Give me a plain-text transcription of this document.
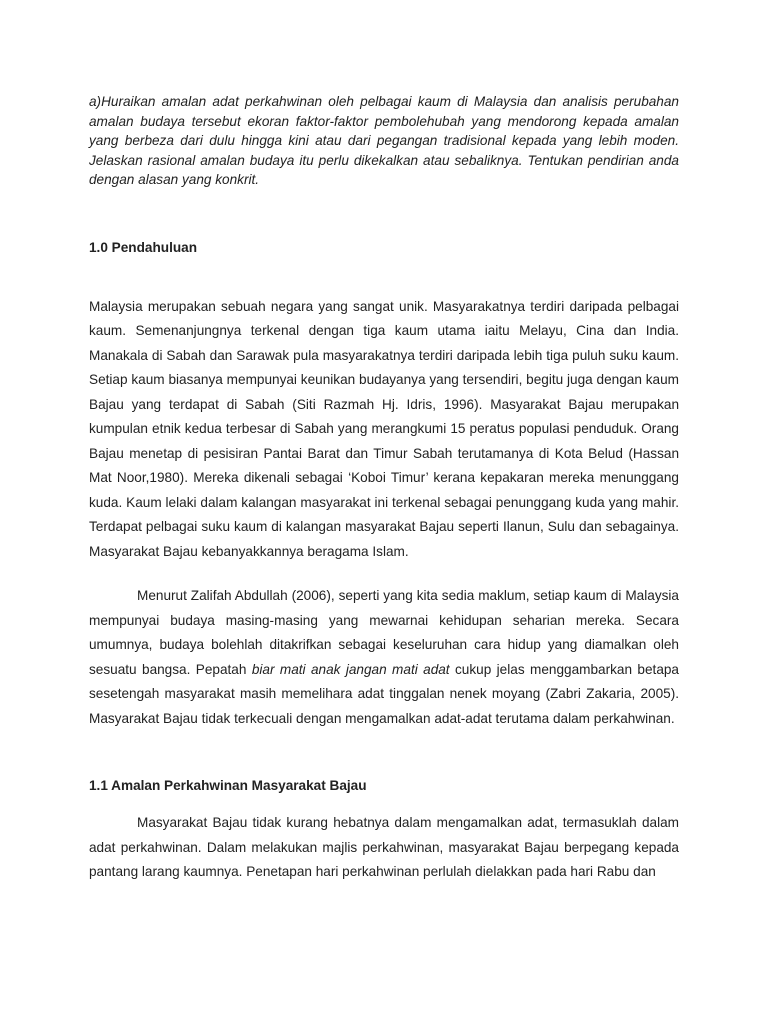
a)Huraikan amalan adat perkahwinan oleh pelbagai kaum di Malaysia dan analisis perubahan amalan budaya tersebut ekoran faktor-faktor pembolehubah yang mendorong kepada amalan yang berbeza dari dulu hingga kini atau dari pegangan tradisional kepada yang lebih moden. Jelaskan rasional amalan budaya itu perlu dikekalkan atau sebaliknya. Tentukan pendirian anda dengan alasan yang konkrit.

1.0 Pendahuluan

Malaysia merupakan sebuah negara yang sangat unik. Masyarakatnya terdiri daripada pelbagai kaum. Semenanjungnya terkenal dengan tiga kaum utama iaitu Melayu, Cina dan India. Manakala di Sabah dan Sarawak pula masyarakatnya terdiri daripada lebih tiga puluh suku kaum. Setiap kaum biasanya mempunyai keunikan budayanya yang tersendiri, begitu juga dengan kaum Bajau yang terdapat di Sabah (Siti Razmah Hj. Idris, 1996). Masyarakat Bajau merupakan kumpulan etnik kedua terbesar di Sabah yang merangkumi 15 peratus populasi penduduk. Orang Bajau menetap di pesisiran Pantai Barat dan Timur Sabah terutamanya di Kota Belud (Hassan Mat Noor,1980). Mereka dikenali sebagai ‘Koboi Timur’ kerana kepakaran mereka menunggang kuda. Kaum lelaki dalam kalangan masyarakat ini terkenal sebagai penunggang kuda yang mahir. Terdapat pelbagai suku kaum di kalangan masyarakat Bajau seperti Ilanun, Sulu dan sebagainya. Masyarakat Bajau kebanyakkannya beragama Islam.

Menurut Zalifah Abdullah (2006), seperti yang kita sedia maklum, setiap kaum di Malaysia mempunyai budaya masing-masing yang mewarnai kehidupan seharian mereka. Secara umumnya, budaya bolehlah ditakrifkan sebagai keseluruhan cara hidup yang diamalkan oleh sesuatu bangsa. Pepatah biar mati anak jangan mati adat cukup jelas menggambarkan betapa sesetengah masyarakat masih memelihara adat tinggalan nenek moyang (Zabri Zakaria, 2005). Masyarakat Bajau tidak terkecuali dengan mengamalkan adat-adat terutama dalam perkahwinan.

1.1 Amalan Perkahwinan Masyarakat Bajau

Masyarakat Bajau tidak kurang hebatnya dalam mengamalkan adat, termasuklah dalam adat perkahwinan. Dalam melakukan majlis perkahwinan, masyarakat Bajau berpegang kepada pantang larang kaumnya. Penetapan hari perkahwinan perlulah dielakkan pada hari Rabu dan
